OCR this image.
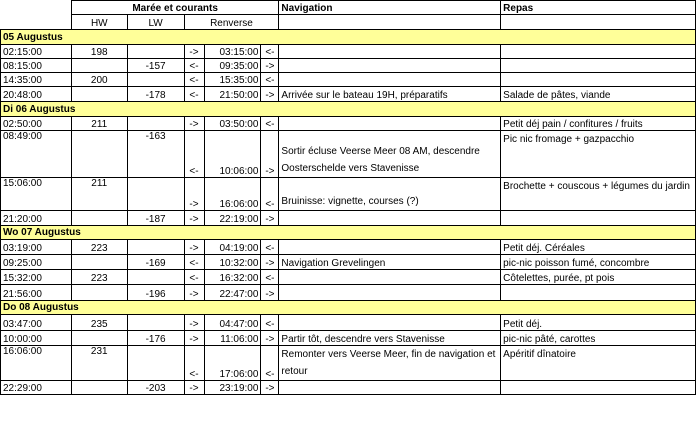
	Marée et courants					Navigation	Repas
	HW	LW	Renverse				
05 Augustus							
02:15:00	198		->	03:15:00	<-		
08:15:00		-157	<-	09:35:00	->		
14:35:00	200		<-	15:35:00	<-		
20:48:00		-178	<-	21:50:00	->	Arrivée sur le bateau 19H, préparatifs	Salade de pâtes, viande
Di 06 Augustus							
02:50:00	211		->	03:50:00	<-		Petit déj pain / confitures / fruits
08:49:00		-163	<-	10:06:00	->	Sortir écluse Veerse Meer 08 AM, descendre Oosterschelde vers Stavenisse	Pic nic fromage + gazpacchio
15:06:00	211		->	16:06:00	<-	Bruinisse: vignette, courses (?)	Brochette + couscous + légumes du jardin
21:20:00		-187	->	22:19:00	->		
Wo 07 Augustus							
03:19:00	223		->	04:19:00	<-		Petit déj. Céréales
09:25:00		-169	<-	10:32:00	->	Navigation Grevelingen	pic-nic poisson fumé, concombre
15:32:00	223		<-	16:32:00	<-		Côtelettes, purée, pt pois
21:56:00		-196	->	22:47:00	->		
Do 08 Augustus							
03:47:00	235		->	04:47:00	<-		Petit déj.
10:00:00		-176	->	11:06:00	->	Partir tôt, descendre vers Stavenisse	pic-nic pâté, carottes
16:06:00	231		<-	17:06:00	<-	Remonter vers Veerse Meer, fin de navigation et retour	Apéritif dînatoire
22:29:00		-203	->	23:19:00	->		
